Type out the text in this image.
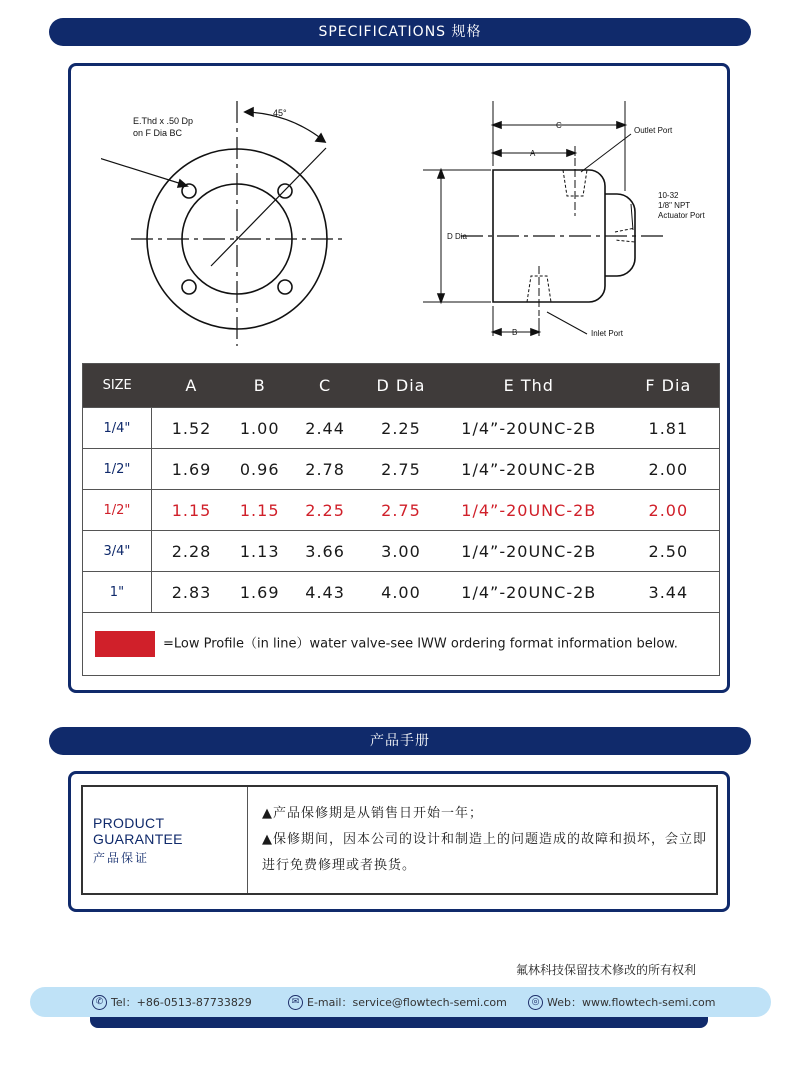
SPECIFICATIONS 规格
E.Thd x .50 Dp
on F Dia BC
45°
C
A
B
D Dia
Outlet Port
10-32
1/8" NPT
Actuator Port
Inlet Port
SIZE	A	B	C	D Dia	E Thd	F Dia
1/4"	1.52	1.00	2.44	2.25	1/4”-20UNC-2B	1.81
1/2"	1.69	0.96	2.78	2.75	1/4”-20UNC-2B	2.00
1/2"	1.15	1.15	2.25	2.75	1/4”-20UNC-2B	2.00
3/4"	2.28	1.13	3.66	3.00	1/4”-20UNC-2B	2.50
1"	2.83	1.69	4.43	4.00	1/4”-20UNC-2B	3.44
=Low Profile（in line）water valve-see IWW ordering format information below.						
产品手册
PRODUCT GUARANTEE
产品保证
▲产品保修期是从销售日开始一年；
▲保修期间，因本公司的设计和制造上的问题造成的故障和损坏，会立即进行免费修理或者换货。
氟林科技保留技术修改的所有权利
✆ Tel：+86-0513-87733829	✉ E-mail：service@flowtech-semi.com	◎ Web：www.flowtech-semi.com
